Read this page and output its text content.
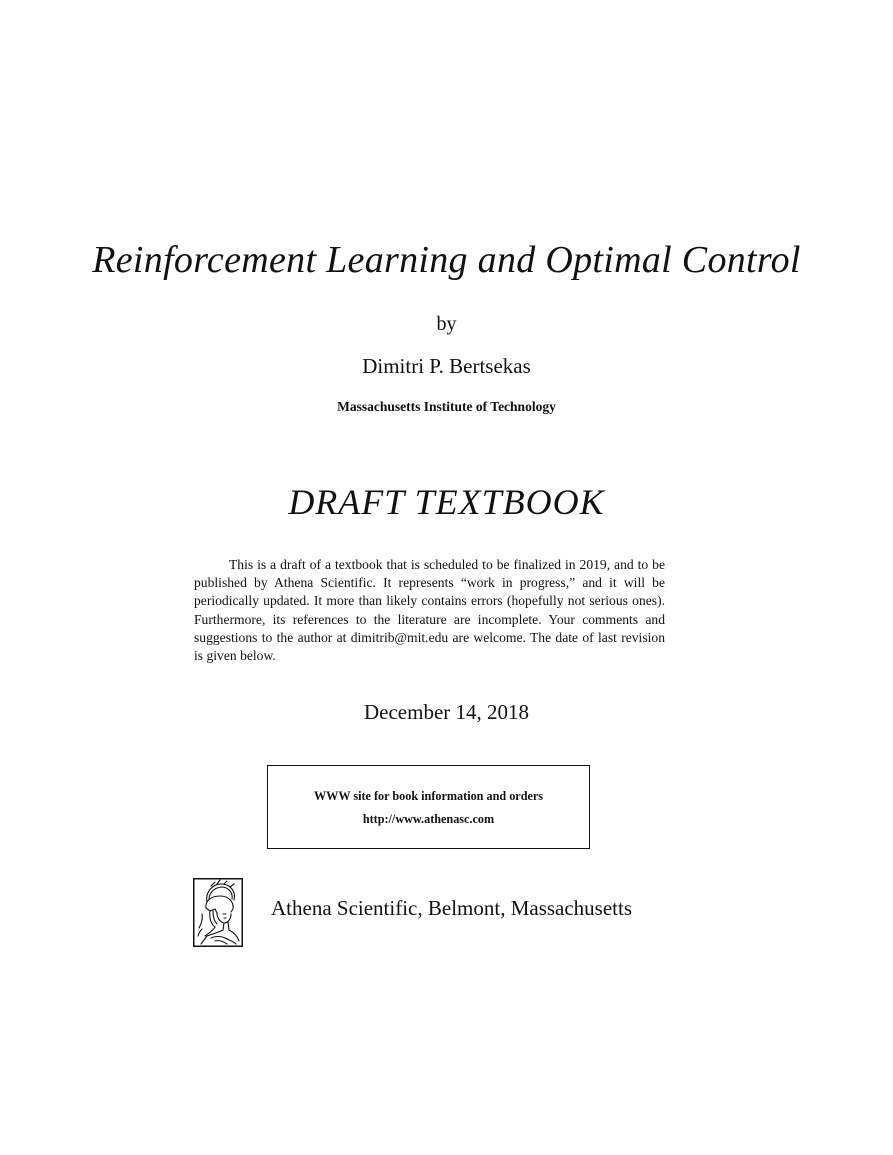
Reinforcement Learning and Optimal Control
by
Dimitri P. Bertsekas
Massachusetts Institute of Technology
DRAFT TEXTBOOK

This is a draft of a textbook that is scheduled to be finalized in 2019, and to be published by Athena Scientific. It represents “work in progress,” and it will be periodically updated. It more than likely contains errors (hopefully not serious ones). Furthermore, its references to the literature are incomplete. Your comments and suggestions to the author at dimitrib@mit.edu are welcome. The date of last revision is given below.

December 14, 2018
WWW site for book information and orders
http://www.athenasc.com
Athena Scientific, Belmont, Massachusetts
